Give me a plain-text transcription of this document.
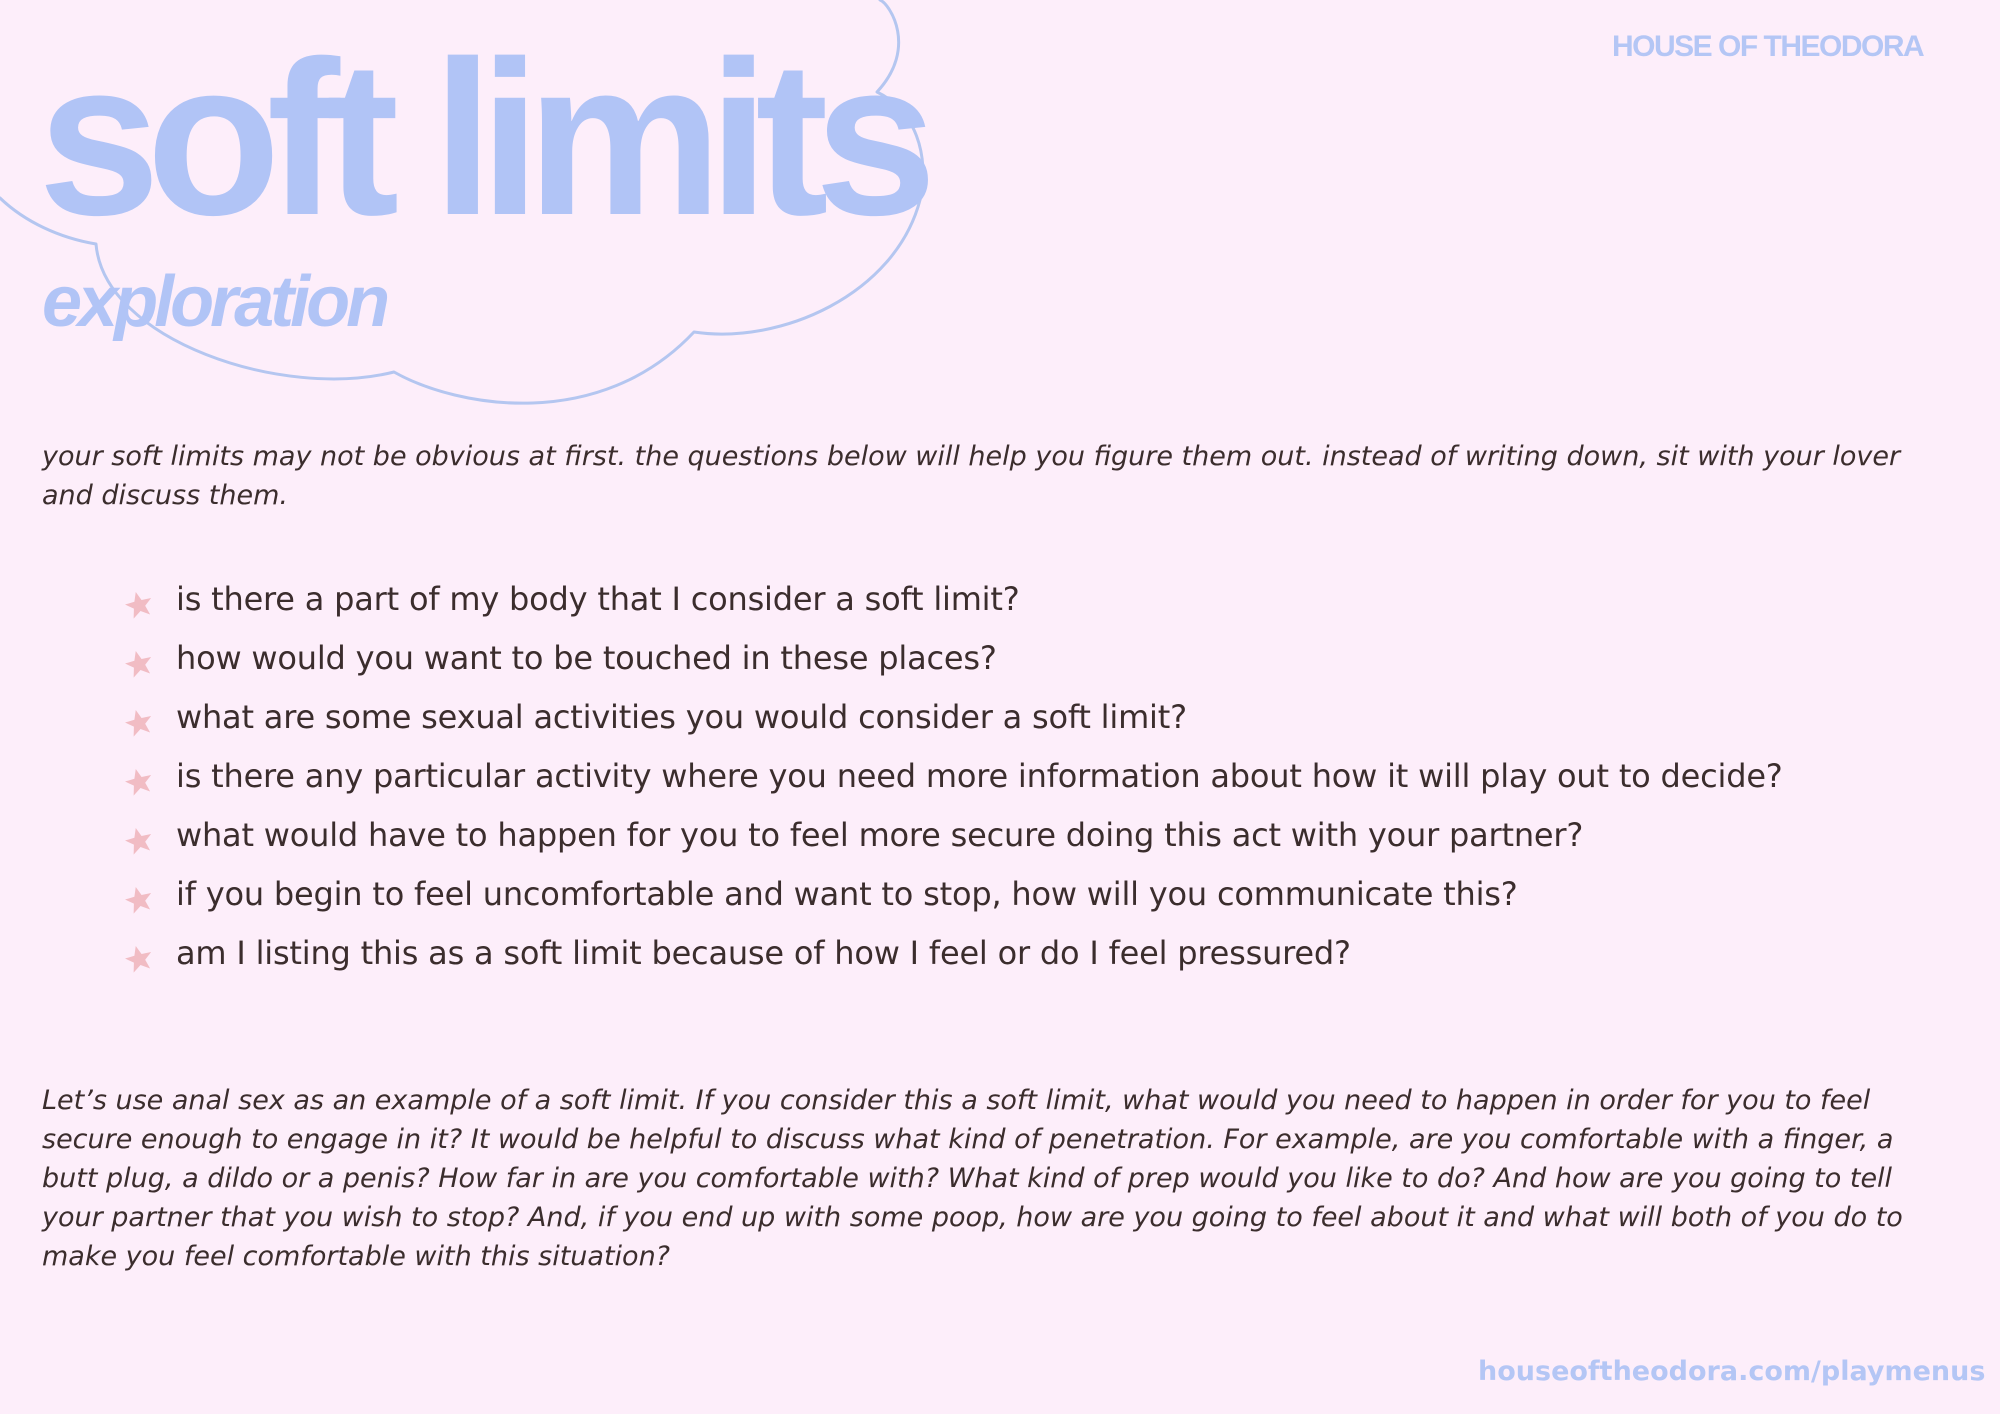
HOUSE OF THEODORA
soft limits
exploration

your soft limits may not be obvious at first. the questions below will help you figure them out. instead of writing down, sit with your lover and discuss them.

is there a part of my body that I consider a soft limit?
how would you want to be touched in these places?
what are some sexual activities you would consider a soft limit?
is there any particular activity where you need more information about how it will play out to decide?
what would have to happen for you to feel more secure doing this act with your partner?
if you begin to feel uncomfortable and want to stop, how will you communicate this?
am I listing this as a soft limit because of how I feel or do I feel pressured?

Let’s use anal sex as an example of a soft limit. If you consider this a soft limit, what would you need to happen in order for you to feel secure enough to engage in it? It would be helpful to discuss what kind of penetration. For example, are you comfortable with a finger, a butt plug, a dildo or a penis? How far in are you comfortable with? What kind of prep would you like to do? And how are you going to tell your partner that you wish to stop? And, if you end up with some poop, how are you going to feel about it and what will both of you do to make you feel comfortable with this situation?

houseoftheodora.com/playmenus
